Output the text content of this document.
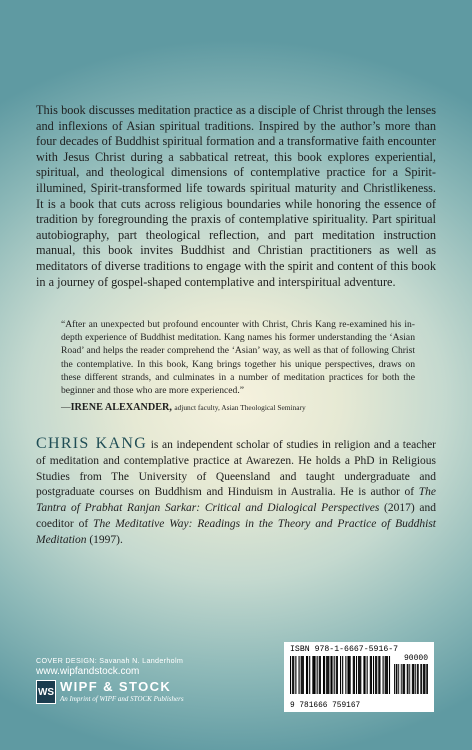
This book discusses meditation practice as a disciple of Christ through the lenses and inflexions of Asian spiritual traditions. Inspired by the author’s more than four decades of Buddhist spiritual formation and a transformative faith encounter with Jesus Christ during a sabbatical retreat, this book explores experiential, spiritual, and theological dimensions of contemplative practice for a Spirit-illumined, Spirit-transformed life towards spiritual maturity and Christlikeness. It is a book that cuts across religious boundaries while honoring the essence of tradition by foregrounding the praxis of contemplative spirituality. Part spiritual autobiography, part theological reflection, and part meditation instruction manual, this book invites Buddhist and Christian practitioners as well as meditators of diverse traditions to engage with the spirit and content of this book in a journey of gospel-shaped contemplative and interspiritual adventure.

“After an unexpected but profound encounter with Christ, Chris Kang re-examined his in-depth experience of Buddhist meditation. Kang names his former understanding the ‘Asian Road’ and helps the reader comprehend the ‘Asian’ way, as well as that of following Christ the contemplative. In this book, Kang brings together his unique perspectives, draws on these different strands, and culminates in a number of meditation practices for both the beginner and those who are more experienced.”

—IRENE ALEXANDER, adjunct faculty, Asian Theological Seminary

CHRIS KANG is an independent scholar of studies in religion and a teacher of meditation and contemplative practice at Awarezen. He holds a PhD in Religious Studies from The University of Queensland and taught undergraduate and postgraduate courses on Buddhism and Hinduism in Australia. He is author of The Tantra of Prabhat Ranjan Sarkar: Critical and Dialogical Perspectives (2017) and coeditor of The Meditative Way: Readings in the Theory and Practice of Buddhist Meditation (1997).

COVER DESIGN: Savanah N. Landerholm
www.wipfandstock.com
WS WIPF & STOCK
An Imprint of WIPF and STOCK Publishers
ISBN 978-1-6667-5916-7
90000
9 781666 759167
